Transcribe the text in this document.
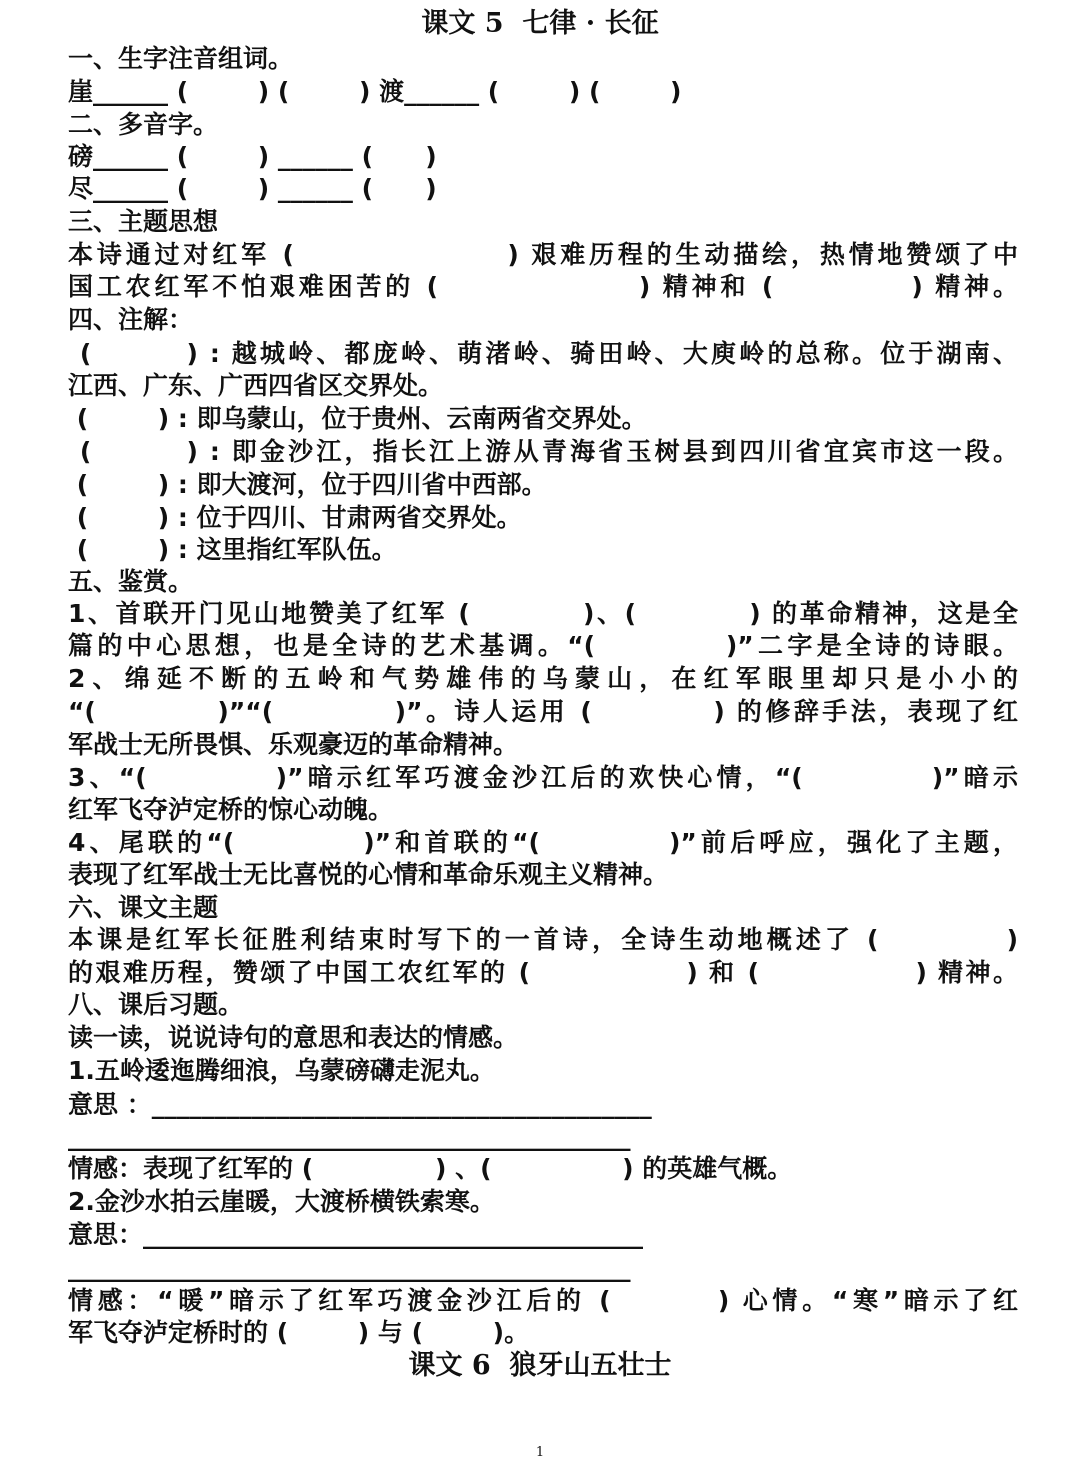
课文 5  七律 · 长征
一、生字注音组词。
崖______ (        ) (        ) 渡______ (        ) (        )
二、多音字。
磅______ (        ) ______ (      )
尽______ (        ) ______ (      )
三、主题思想
本诗通过对红军 (                 ) 艰难历程的生动描绘，热情地赞颂了中
国工农红军不怕艰难困苦的 (                ) 精神和 (           ) 精神。
四、注解：
(        ) : 越城岭、都庞岭、萌渚岭、骑田岭、大庾岭的总称。位于湖南、
江西、广东、广西四省区交界处。
(        ) : 即乌蒙山，位于贵州、云南两省交界处。
(        ) : 即金沙江，指长江上游从青海省玉树县到四川省宜宾市这一段。
(        ) : 即大渡河，位于四川省中西部。
(        ) : 位于四川、甘肃两省交界处。
(        ) : 这里指红军队伍。
五、鉴赏。
1、首联开门见山地赞美了红军 (          )、(          ) 的革命精神，这是全
篇的中心思想，也是全诗的艺术基调。“(          )”二字是全诗的诗眼。
2、绵延不断的五岭和气势雄伟的乌蒙山，在红军眼里却只是小小的
“(          )”“(          )”。诗人运用 (          ) 的修辞手法，表现了红
军战士无所畏惧、乐观豪迈的革命精神。
3、“(          )”暗示红军巧渡金沙江后的欢快心情，“(          )”暗示
红军飞夺泸定桥的惊心动魄。
4、尾联的“(          )”和首联的“(          )”前后呼应，强化了主题，
表现了红军战士无比喜悦的心情和革命乐观主义精神。
六、课文主题
本课是红军长征胜利结束时写下的一首诗，全诗生动地概述了 (          )
的艰难历程，赞颂了中国工农红军的 (              ) 和 (              ) 精神。
八、课后习题。
读一读，说说诗句的意思和表达的情感。
1.五岭逶迤腾细浪，乌蒙磅礴走泥丸。
意思 ：________________________________________
_____________________________________________
情感：表现了红军的 (              ) 、(               ) 的英雄气概。
2.金沙水拍云崖暖，大渡桥横铁索寒。
意思：________________________________________
_____________________________________________
情感：“暖”暗示了红军巧渡金沙江后的 (        ) 心情。“寒”暗示了红
军飞夺泸定桥时的 (        ) 与 (        )。
课文 6  狼牙山五壮士
1
